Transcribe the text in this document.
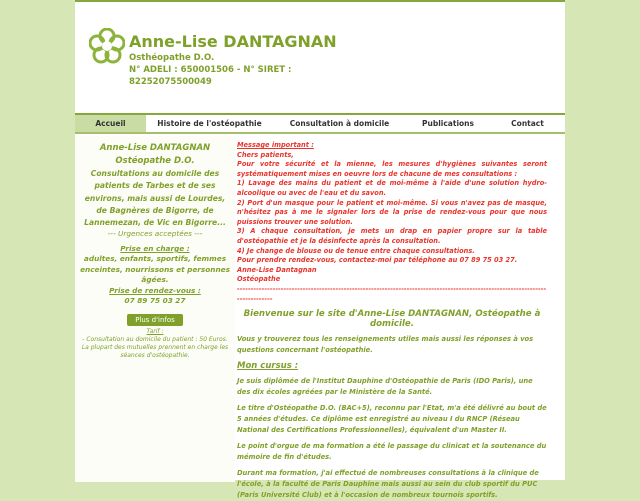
Anne-Lise DANTAGNAN
Osthéopathe D.O.
N° ADELI : 650001506 - N° SIRET :
82252075500049
Accueil	Histoire de l'ostéopathie	Consultation à domicile	Publications	Contact
Anne-Lise DANTAGNAN
Ostéopathe D.O.
Consultations au domicile des patients de Tarbes et de ses environs, mais aussi de Lourdes, de Bagnères de Bigorre, de Lannemezan, de Vic en Bigorre...
--- Urgences acceptées ---
Prise en charge :
adultes, enfants, sportifs, femmes enceintes, nourrissons et personnes âgées.
Prise de rendez-vous :
07 89 75 03 27
Plus d'infos
Tarif :
- Consultation au domicile du patient : 50 Euros.
La plupart des mutuelles prennent en charge les séances d'ostéopathie.
Message important :
Chers patients,
Pour votre sécurité et la mienne, les mesures d'hygiènes suivantes seront systématiquement mises en oeuvre lors de chacune de mes consultations :
1) Lavage des mains du patient et de moi-même à l'aide d'une solution hydro-alcoolique ou avec de l'eau et du savon.
2) Port d'un masque pour le patient et moi-même. Si vous n'avez pas de masque, n'hésitez pas à me le signaler lors de la prise de rendez-vous pour que nous puissions trouver une solution.
3) A chaque consultation, je mets un drap en papier propre sur la table d'ostéopathie et je la désinfecte après la consultation.
4) Je change de blouse ou de tenue entre chaque consultations.
Pour prendre rendez-vous, contactez-moi par téléphone au 07 89 75 03 27.
Anne-Lise Dantagnan
Ostéopathe
------------------------------------------------------------------------------------------------------------------------------
Bienvenue sur le site d'Anne-Lise DANTAGNAN, Ostéopathe à domicile.
Vous y trouverez tous les renseignements utiles mais aussi les réponses à vos questions concernant l'ostéopathie.
Mon cursus :
Je suis diplômée de l'Institut Dauphine d'Ostéopathie de Paris (IDO Paris), une des dix écoles agréées par le Ministère de la Santé.
Le titre d'Ostéopathe D.O. (BAC+5), reconnu par l'Etat, m'a été délivré au bout de 5 années d'études. Ce diplôme est enregistré au niveau I du RNCP (Réseau National des Certifications Professionnelles), équivalent d'un Master II.
Le point d'orgue de ma formation a été le passage du clinicat et la soutenance du mémoire de fin d'études.
Durant ma formation, j'ai effectué de nombreuses consultations à la clinique de l'école, à la faculté de Paris Dauphine mais aussi au sein du club sportif du PUC (Paris Université Club) et à l'occasion de nombreux tournois sportifs.
